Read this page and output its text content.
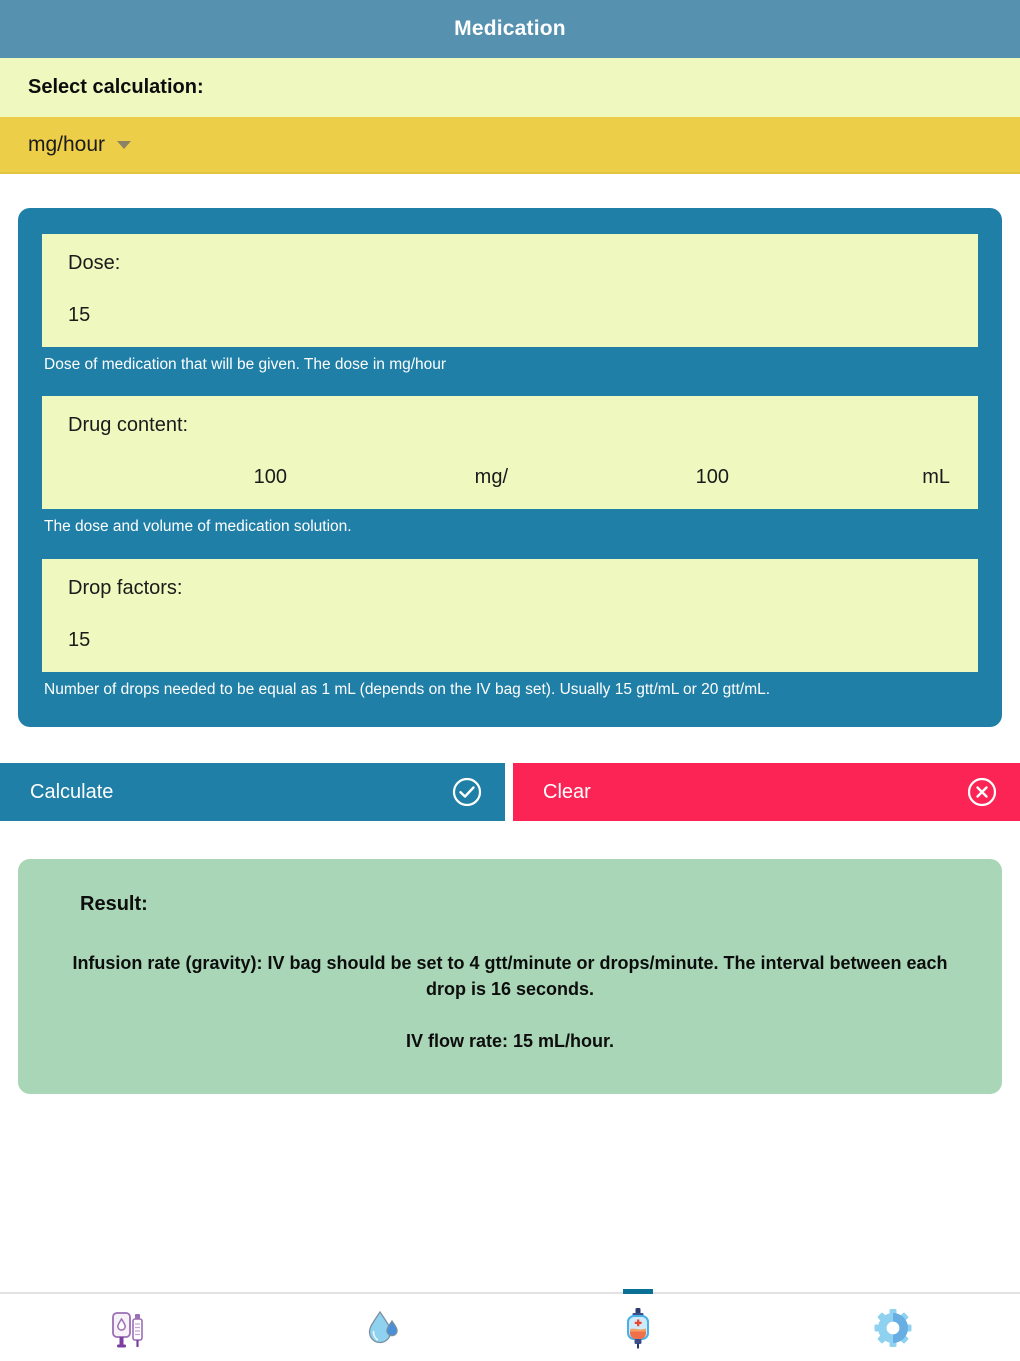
Medication
Select calculation:
mg/hour
Dose:
15
Dose of medication that will be given. The dose in mg/hour
Drug content:
100	mg/	100	mL
The dose and volume of medication solution.
Drop factors:
15
Number of drops needed to be equal as 1 mL (depends on the IV bag set). Usually 15 gtt/mL or 20 gtt/mL.
Calculate	Clear
Result:
Infusion rate (gravity): IV bag should be set to 4 gtt/minute or drops/minute. The interval between each drop is 16 seconds.
IV flow rate: 15 mL/hour.
